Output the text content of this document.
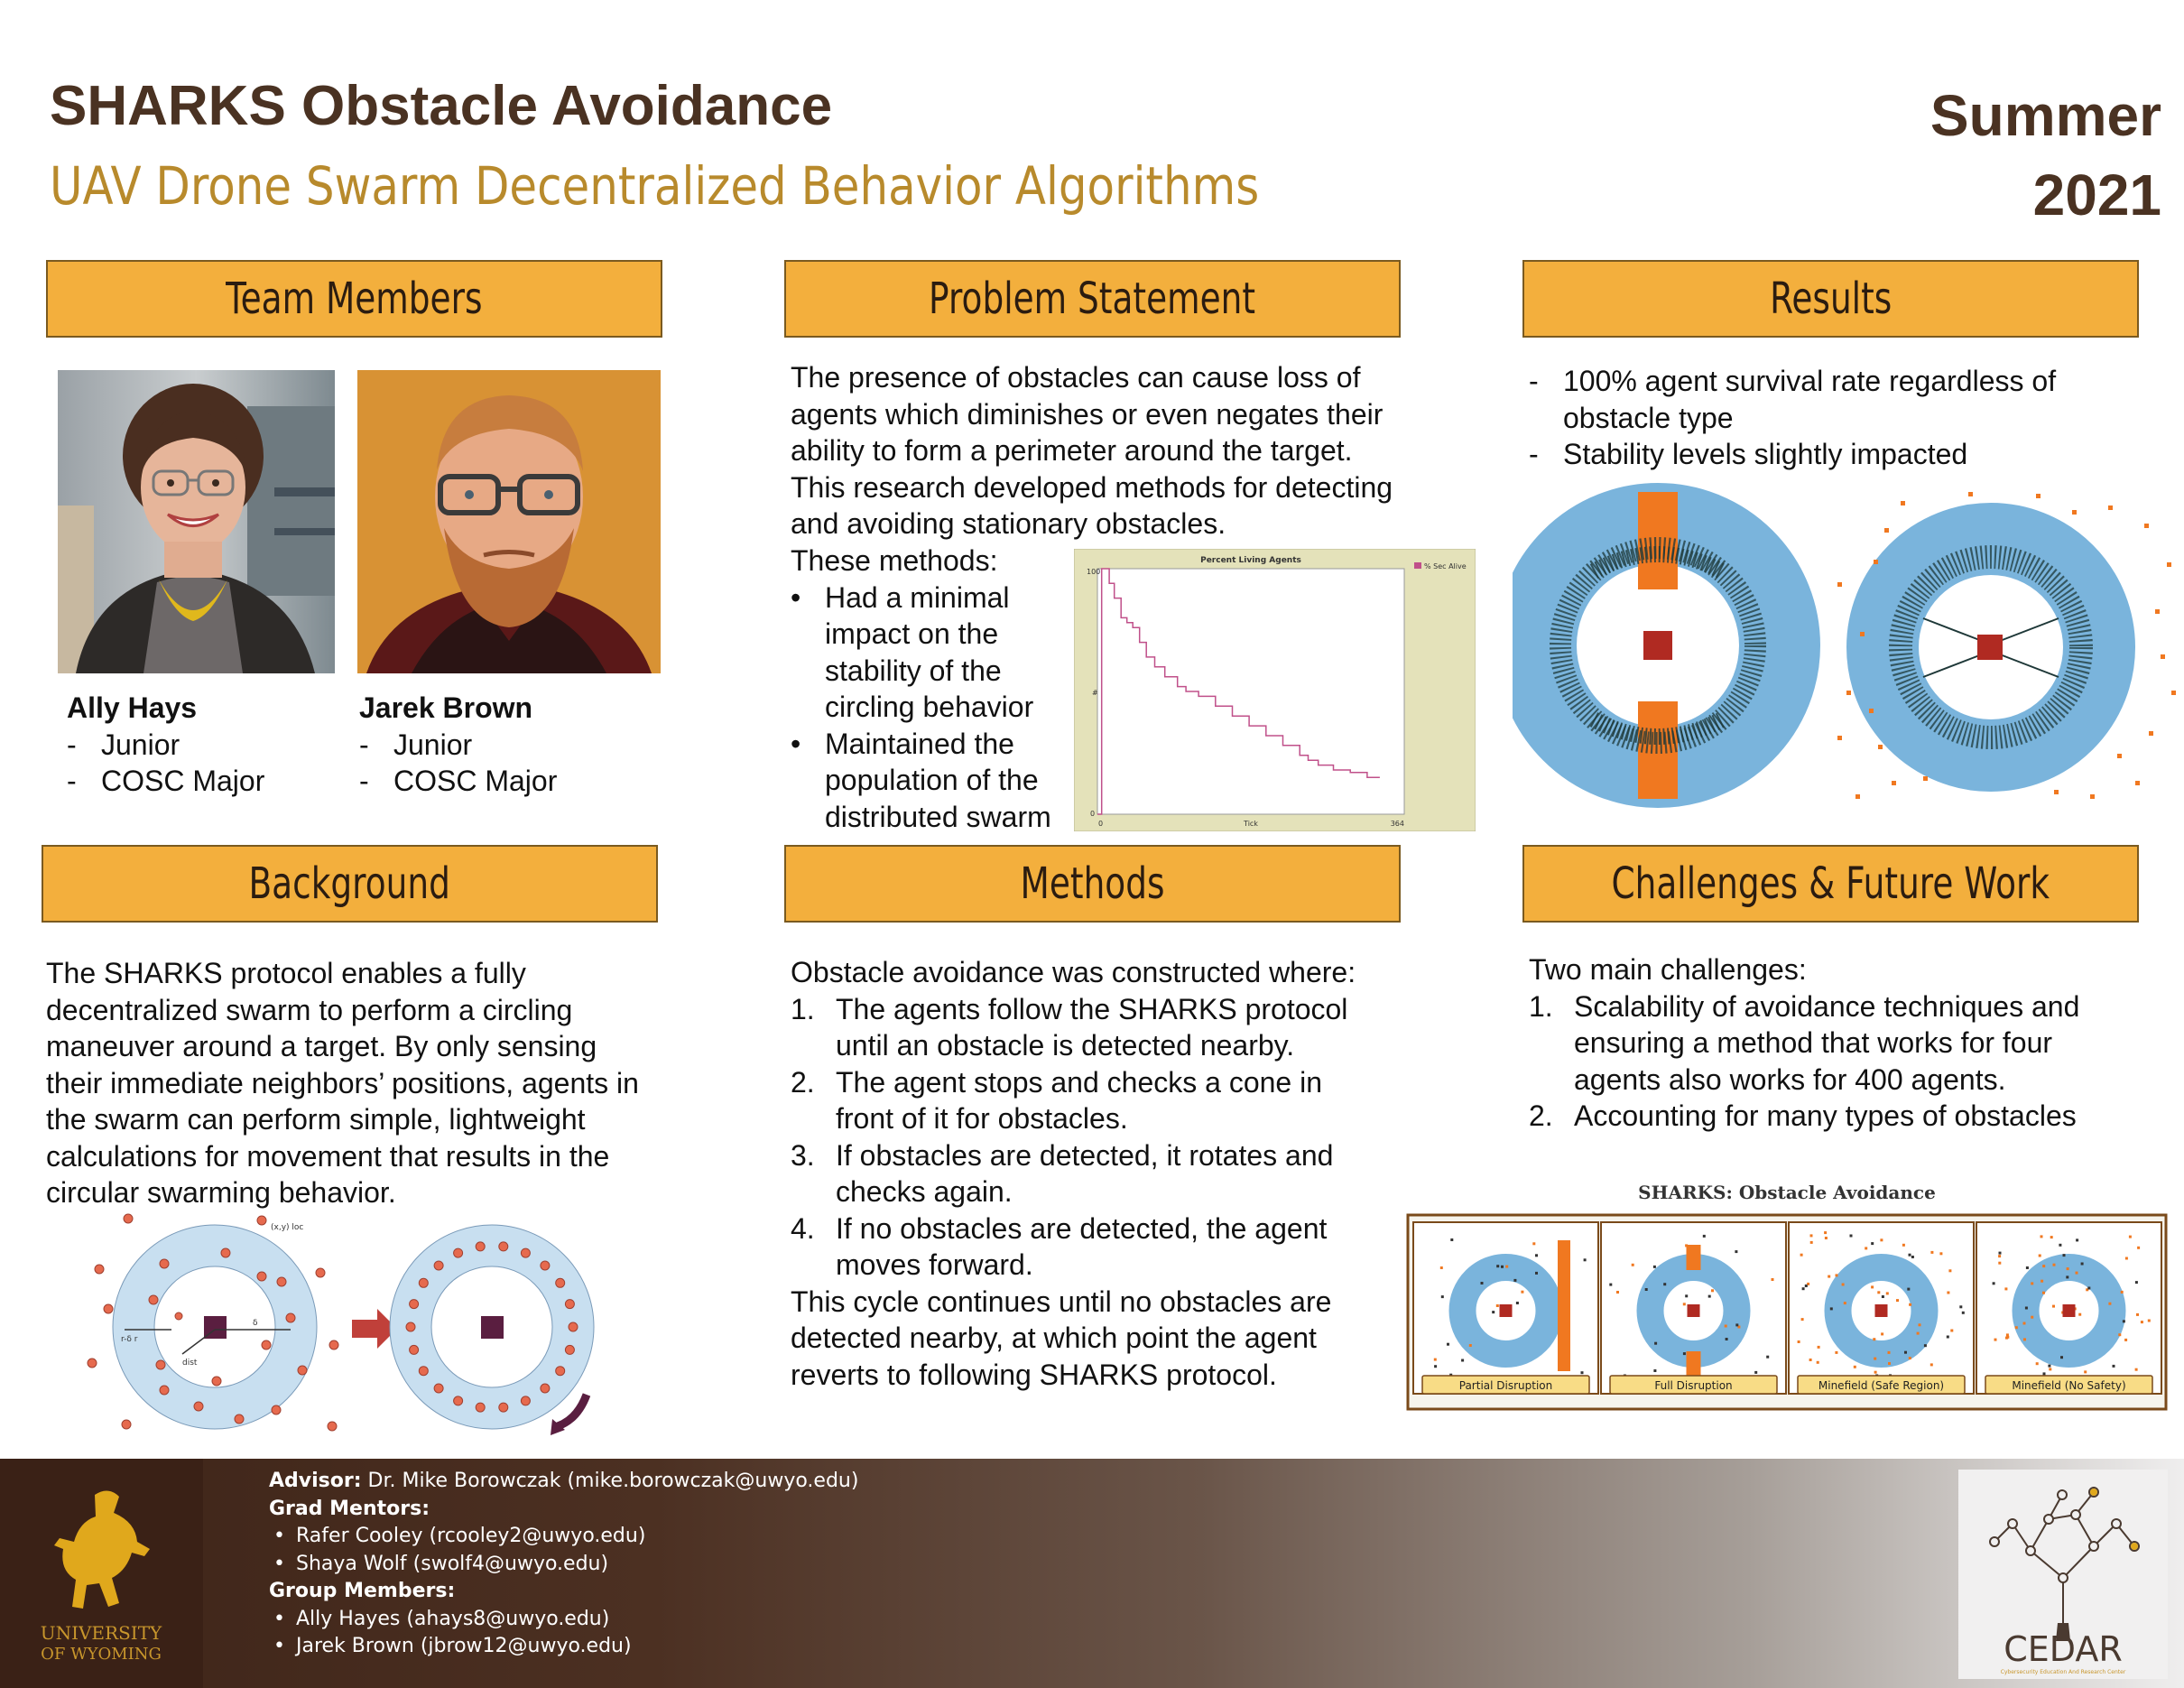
SHARKS Obstacle Avoidance
UAV Drone Swarm Decentralized Behavior Algorithms
Summer
2021
Team Members	Problem Statement	Results
Background	Methods	Challenges & Future Work
Ally Hays
- Junior
- COSC Major
Jarek Brown
- Junior
- COSC Major
The presence of obstacles can cause loss of agents which diminishes or even negates their ability to form a perimeter around the target. This research developed methods for detecting and avoiding stationary obstacles.
These methods:
• Had a minimal
impact on the
stability of the
circling behavior
• Maintained the
population of the
distributed swarm
Percent Living Agents
% Sec Alive
100
0
#
0	Tick	364
- 100% agent survival rate regardless of
obstacle type
- Stability levels slightly impacted
The SHARKS protocol enables a fully decentralized swarm to perform a circling maneuver around a target. By only sensing their immediate neighbors’ positions, agents in the swarm can perform simple, lightweight calculations for movement that results in the circular swarming behavior.
δ
dist
r-δ r
(x,y) loc
Obstacle avoidance was constructed where:
1. The agents follow the SHARKS protocol
until an obstacle is detected nearby.
2. The agent stops and checks a cone in
front of it for obstacles.
3. If obstacles are detected, it rotates and
checks again.
4. If no obstacles are detected, the agent
moves forward.
This cycle continues until no obstacles are detected nearby, at which point the agent reverts to following SHARKS protocol.
Two main challenges:
1. Scalability of avoidance techniques and
ensuring a method that works for four
agents also works for 400 agents.
2. Accounting for many types of obstacles
SHARKS: Obstacle Avoidance
Partial Disruption	Full Disruption	Minefield (Safe Region)	Minefield (No Safety)
UNIVERSITY
OF WYOMING
Advisor: Dr. Mike Borowczak (mike.borowczak@uwyo.edu)
Grad Mentors:
• Rafer Cooley (rcooley2@uwyo.edu)
• Shaya Wolf (swolf4@uwyo.edu)
Group Members:
• Ally Hayes (ahays8@uwyo.edu)
• Jarek Brown (jbrow12@uwyo.edu)	CEDAR
Cybersecurity Education And Research Center
